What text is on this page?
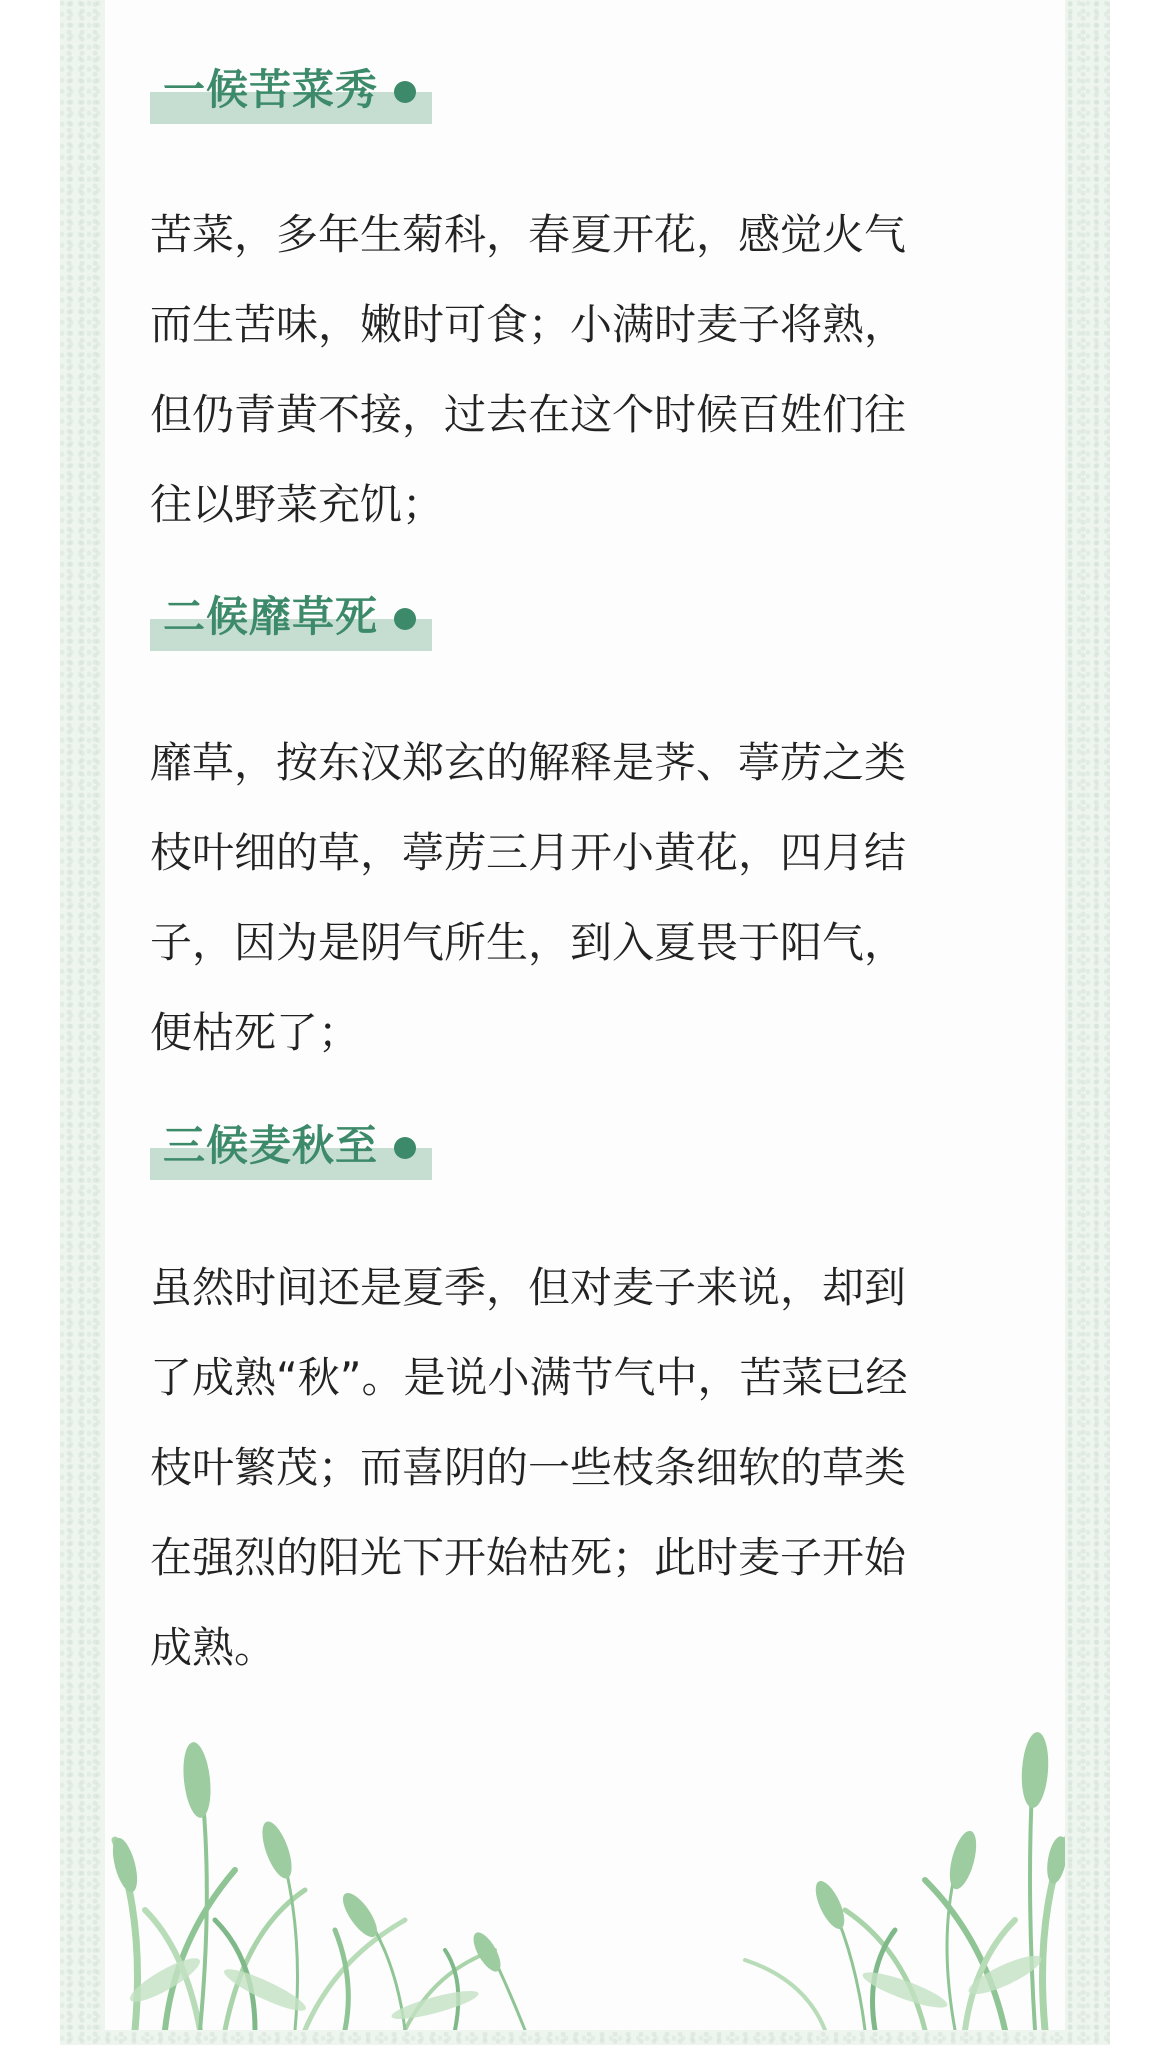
一候苦菜秀
苦菜，多年生菊科，春夏开花，感觉火气
而生苦味，嫩时可食；小满时麦子将熟，
但仍青黄不接，过去在这个时候百姓们往
往以野菜充饥；
二候靡草死
靡草，按东汉郑玄的解释是荠、葶苈之类
枝叶细的草，葶苈三月开小黄花，四月结
子，因为是阴气所生，到入夏畏于阳气，
便枯死了；
三候麦秋至
虽然时间还是夏季，但对麦子来说，却到
了成熟“秋”。是说小满节气中，苦菜已经
枝叶繁茂；而喜阴的一些枝条细软的草类
在强烈的阳光下开始枯死；此时麦子开始
成熟。
